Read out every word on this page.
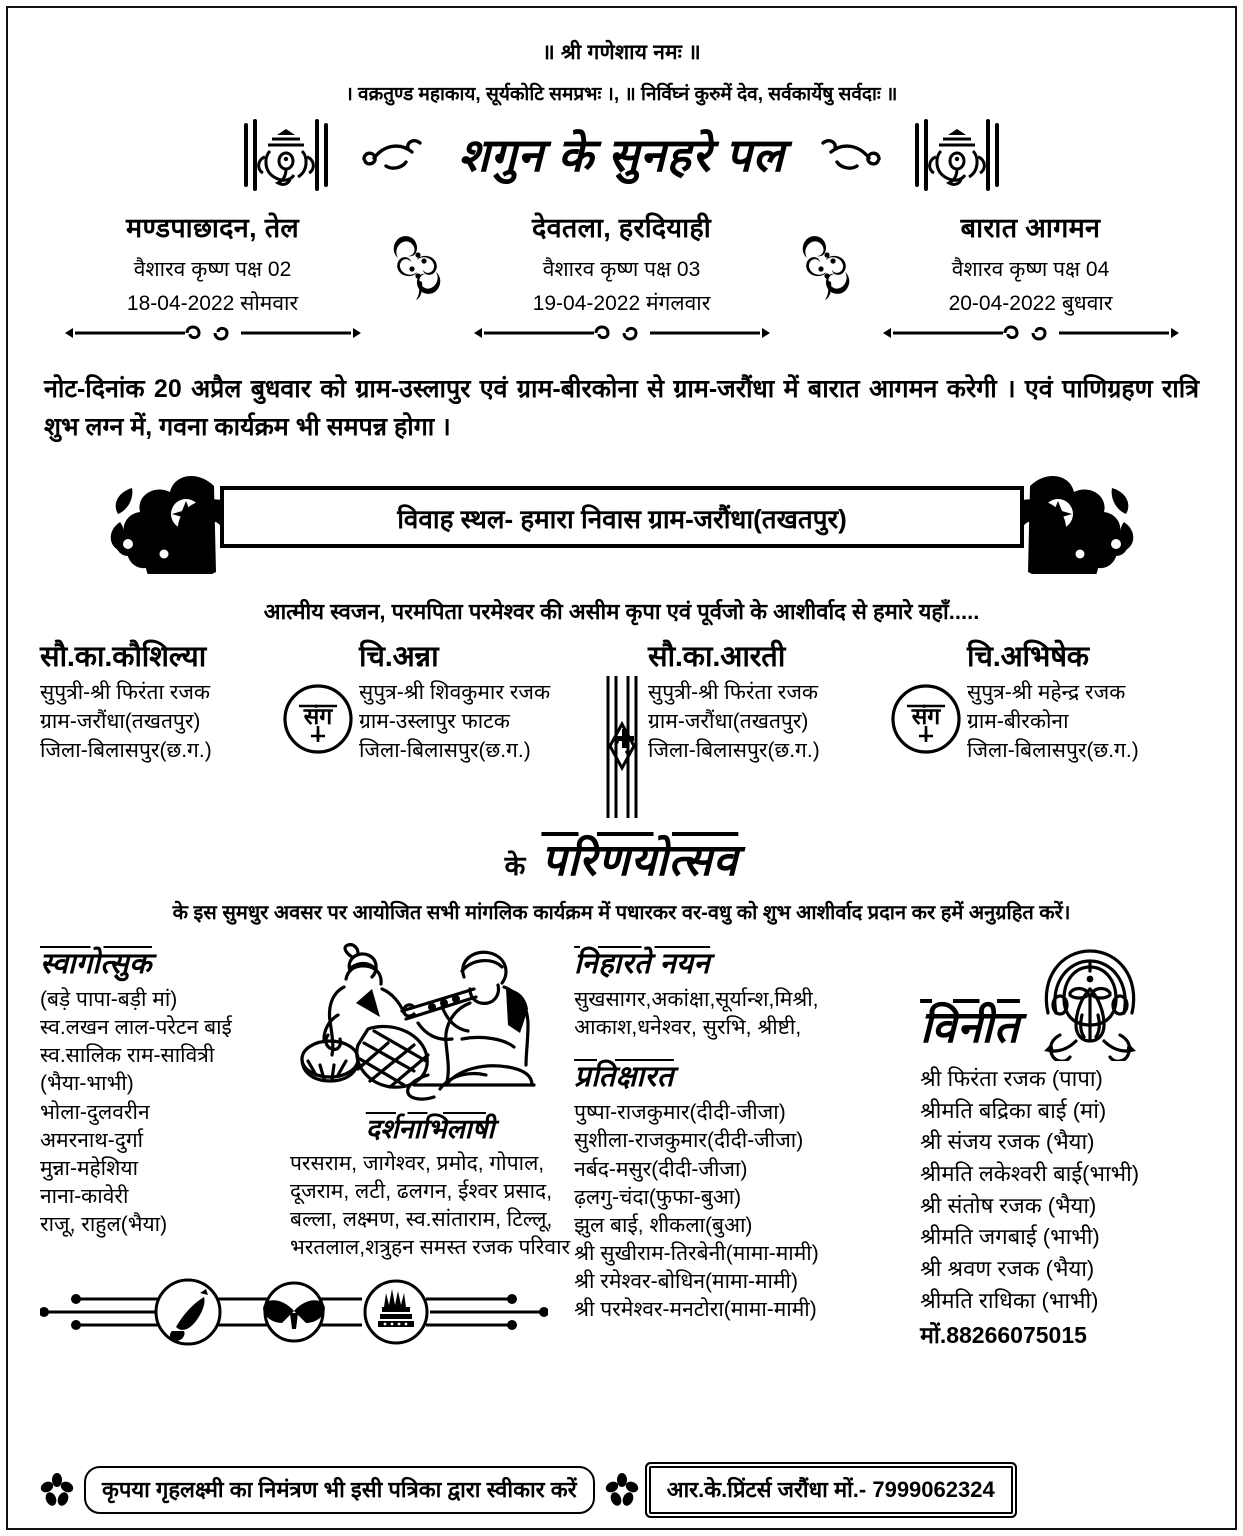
॥ श्री गणेशाय नमः ॥
। वक्रतुण्ड महाकाय, सूर्यकोटि समप्रभः ।, ॥ निर्विघ्नं कुरुमें देव, सर्वकार्येषु सर्वदाः ॥
शगुन के सुनहरे पल
मण्डपाछादन, तेल
वैशारव कृष्ण पक्ष 02
18-04-2022 सोमवार
देवतला, हरदियाही
वैशारव कृष्ण पक्ष 03
19-04-2022 मंगलवार
बारात आगमन
वैशारव कृष्ण पक्ष 04
20-04-2022 बुधवार
नोट-दिनांक 20 अप्रैल बुधवार को ग्राम-उस्लापुर एवं ग्राम-बीरकोना से ग्राम-जरौंधा में बारात आगमन करेगी । एवं पाणिग्रहण रात्रि शुभ लग्न में, गवना कार्यक्रम भी समपन्न होगा ।
विवाह स्थल- हमारा निवास ग्राम-जरौंधा(तखतपुर)
आत्मीय स्वजन, परमपिता परमेश्वर की असीम कृपा एवं पूर्वजो के आशीर्वाद से हमारे यहाँ.....
सौ.का.कौशिल्या
सुपुत्री-श्री फिरंता रजक
ग्राम-जरौंधा(तखतपुर)
जिला-बिलासपुर(छ.ग.)
संग
चि.अन्ना
सुपुत्र-श्री शिवकुमार रजक
ग्राम-उस्लापुर फाटक
जिला-बिलासपुर(छ.ग.)
सौ.का.आरती
सुपुत्री-श्री फिरंता रजक
ग्राम-जरौंधा(तखतपुर)
जिला-बिलासपुर(छ.ग.)
संग
चि.अभिषेक
सुपुत्र-श्री महेन्द्र रजक
ग्राम-बीरकोना
जिला-बिलासपुर(छ.ग.)
के परिणयोत्सव
के इस सुमधुर अवसर पर आयोजित सभी मांगलिक कार्यक्रम में पधारकर वर-वधु को शुभ आशीर्वाद प्रदान कर हमें अनुग्रहित करें।
स्वागोत्सुक
(बड़े पापा-बड़ी मां)
स्व.लखन लाल-परेटन बाई
स्व.सालिक राम-सावित्री
(भैया-भाभी)
भोला-दुलवरीन
अमरनाथ-दुर्गा
मुन्ना-महेशिया
नाना-कावेरी
राजू, राहुल(भैया)
दर्शनाभिलाषी
परसराम, जागेश्वर, प्रमोद, गोपाल,
दूजराम, लटी, ढलगन, ईश्वर प्रसाद,
बल्ला, लक्ष्मण, स्व.सांताराम, टिल्लू,
भरतलाल,शत्रुहन समस्त रजक परिवार
निहारते नयन
सुखसागर,अकांक्षा,सूर्यान्श,मिश्री,
आकाश,धनेश्वर, सुरभि, श्रीष्टी,
प्रतिक्षारत
पुष्पा-राजकुमार(दीदी-जीजा)
सुशीला-राजकुमार(दीदी-जीजा)
नर्बद-मसुर(दीदी-जीजा)
ढ़लगु-चंदा(फुफा-बुआ)
झुल बाई, शीकला(बुआ)
श्री सुखीराम-तिरबेनी(मामा-मामी)
श्री रमेश्वर-बोधिन(मामा-मामी)
श्री परमेश्वर-मनटोरा(मामा-मामी)
विनीत
श्री फिरंता रजक (पापा)
श्रीमति बद्रिका बाई (मां)
श्री संजय रजक (भैया)
श्रीमति लकेश्वरी बाई(भाभी)
श्री संतोष रजक (भैया)
श्रीमति जगबाई (भाभी)
श्री श्रवण रजक (भैया)
श्रीमति राधिका (भाभी)
मों.88266075015
कृपया गृहलक्ष्मी का निमंत्रण भी इसी पत्रिका द्वारा स्वीकार करें	आर.के.प्रिंटर्स जरौंधा मों.- 7999062324
